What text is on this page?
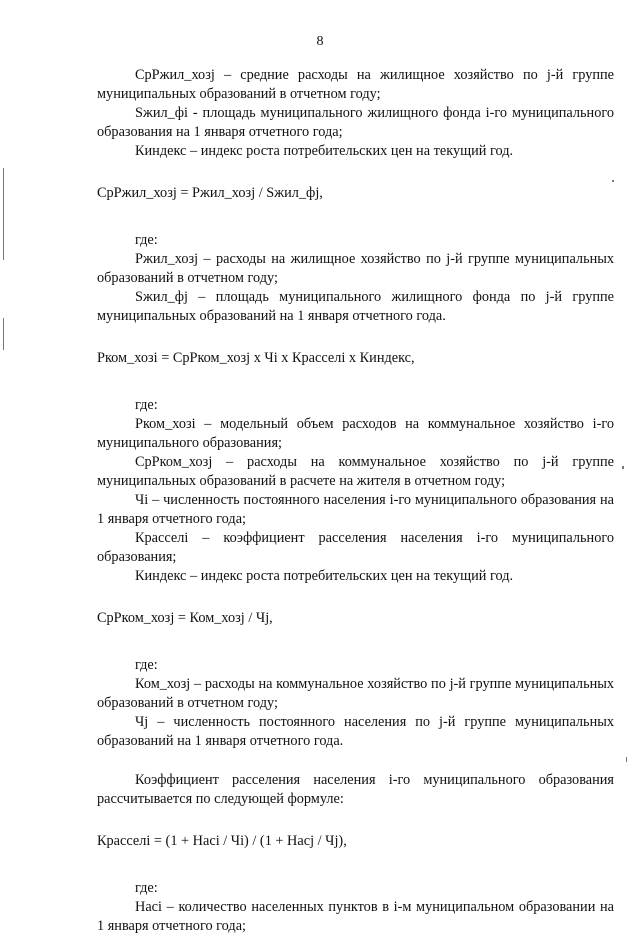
8

СрРжил_хозj – средние расходы на жилищное хозяйство по j-й группе муниципальных образований в отчетном году;

Sжил_фi - площадь муниципального жилищного фонда i-го муниципального образования на 1 января отчетного года;

Киндекс – индекс роста потребительских цен на текущий год.

СрРжил_хозj = Ржил_хозj / Sжил_фj,

где:

Ржил_хозj – расходы на жилищное хозяйство по j-й группе муниципальных образований в отчетном году;

Sжил_фj – площадь муниципального жилищного фонда по j-й группе муниципальных образований на 1 января отчетного года.

Рком_хозi = СрРком_хозj х Чi х Красселi х Киндекс,

где:

Рком_хозi – модельный объем расходов на коммунальное хозяйство i-го муниципального образования;

СрРком_хозj – расходы на коммунальное хозяйство по j-й группе муниципальных образований в расчете на жителя в отчетном году;

Чi – численность постоянного населения i-го муниципального образования на 1 января отчетного года;

Красселi – коэффициент расселения населения i-го муниципального образования;

Киндекс – индекс роста потребительских цен на текущий год.

СрРком_хозj = Ком_хозj / Чj,

где:

Ком_хозj – расходы на коммунальное хозяйство по j-й группе муниципальных образований в отчетном году;

Чj – численность постоянного населения по j-й группе муниципальных образований на 1 января отчетного года.

Коэффициент расселения населения i-го муниципального образования рассчитывается по следующей формуле:

Красселi = (1 + Насi / Чi) / (1 + Насj / Чj),

где:

Насi – количество населенных пунктов в i-м муниципальном образовании на 1 января отчетного года;
